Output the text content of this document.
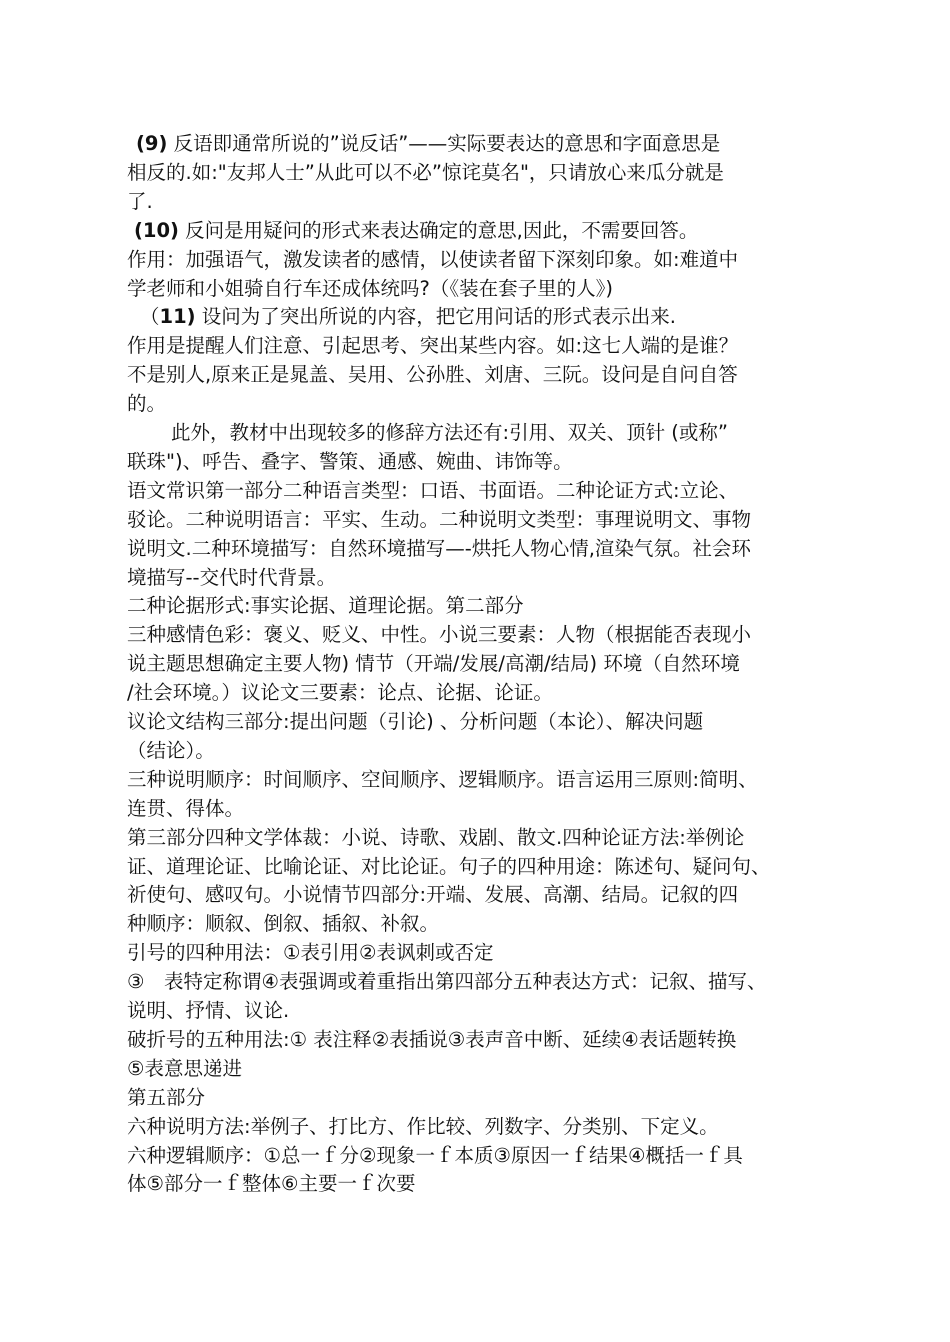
(9) 反语即通常所说的”说反话”——实际要表达的意思和字面意思是
相反的.如:"友邦人士”从此可以不必”惊诧莫名"，只请放心来瓜分就是
了.
(10) 反问是用疑问的形式来表达确定的意思,因此，不需要回答。
作用：加强语气，激发读者的感情，以使读者留下深刻印象。如:难道中
学老师和小姐骑自行车还成体统吗?（《装在套子里的人》)
（11) 设问为了突出所说的内容，把它用问话的形式表示出来.
作用是提醒人们注意、引起思考、突出某些内容。如:这七人端的是谁？
不是别人,原来正是晁盖、吴用、公孙胜、刘唐、三阮。设问是自问自答
的。
此外，教材中出现较多的修辞方法还有:引用、双关、顶针 (或称”
联珠")、呼告、叠字、警策、通感、婉曲、讳饰等。
语文常识第一部分二种语言类型：口语、书面语。二种论证方式:立论、
驳论。二种说明语言：平实、生动。二种说明文类型：事理说明文、事物
说明文.二种环境描写：自然环境描写—-烘托人物心情,渲染气氛。社会环
境描写--交代时代背景。
二种论据形式:事实论据、道理论据。第二部分
三种感情色彩：褒义、贬义、中性。小说三要素：人物（根据能否表现小
说主题思想确定主要人物) 情节（开端/发展/高潮/结局) 环境（自然环境
/社会环境。）议论文三要素：论点、论据、论证。
议论文结构三部分:提出问题（引论) 、分析问题（本论）、解决问题
（结论）。
三种说明顺序：时间顺序、空间顺序、逻辑顺序。语言运用三原则:简明、
连贯、得体。
第三部分四种文学体裁：小说、诗歌、戏剧、散文.四种论证方法:举例论
证、道理论证、比喻论证、对比论证。句子的四种用途：陈述句、疑问句、
祈使句、感叹句。小说情节四部分:开端、发展、高潮、结局。记叙的四
种顺序：顺叙、倒叙、插叙、补叙。
引号的四种用法：①表引用②表讽刺或否定
③　表特定称谓④表强调或着重指出第四部分五种表达方式：记叙、描写、
说明、抒情、议论.
破折号的五种用法:① 表注释②表插说③表声音中断、延续④表话题转换
⑤表意思递进
第五部分
六种说明方法:举例子、打比方、作比较、列数字、分类别、下定义。
六种逻辑顺序：①总一ｆ分②现象一ｆ本质③原因一ｆ结果④概括一ｆ具
体⑤部分一ｆ整体⑥主要一ｆ次要
